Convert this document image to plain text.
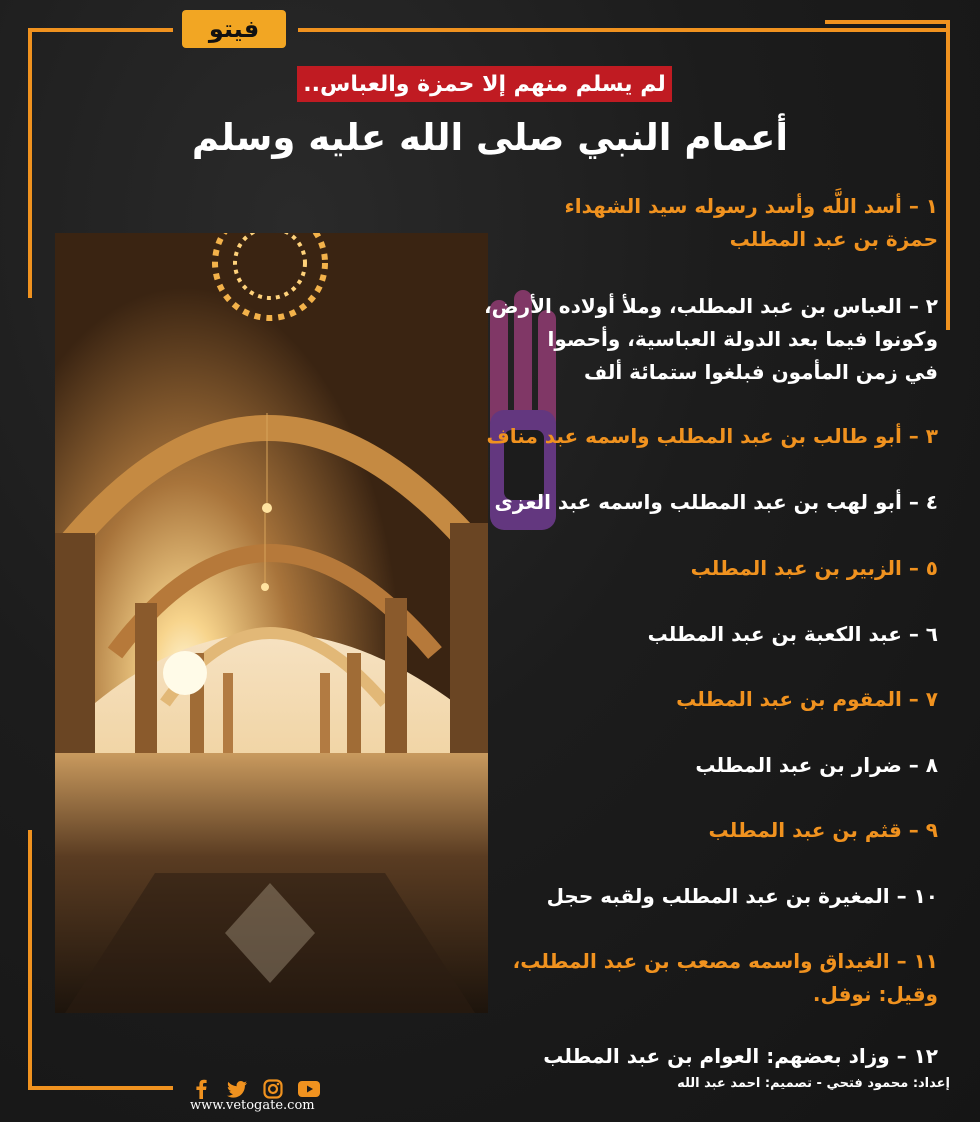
فيتو
لم يسلم منهم إلا حمزة والعباس..
أعمام النبي صلى الله عليه وسلم
١ – أسد اللَّه وأسد رسوله سيد الشهداء
حمزة بن عبد المطلب
٢ – العباس بن عبد المطلب، وملأ أولاده الأرض،
وكونوا فيما بعد الدولة العباسية، وأحصوا
في زمن المأمون فبلغوا ستمائة ألف
٣ – أبو طالب بن عبد المطلب واسمه عبد مناف
٤ – أبو لهب بن عبد المطلب واسمه عبد العزى
٥ – الزبير بن عبد المطلب
٦ – عبد الكعبة بن عبد المطلب
٧ – المقوم بن عبد المطلب
٨ – ضرار بن عبد المطلب
٩ – قثم بن عبد المطلب
١٠ – المغيرة بن عبد المطلب ولقبه حجل
١١ – الغيداق واسمه مصعب بن عبد المطلب،
وقيل: نوفل.
١٢ – وزاد بعضهم: العوام بن عبد المطلب
www.vetogate.com
إعداد: محمود فتحي - تصميم: احمد عبد الله
